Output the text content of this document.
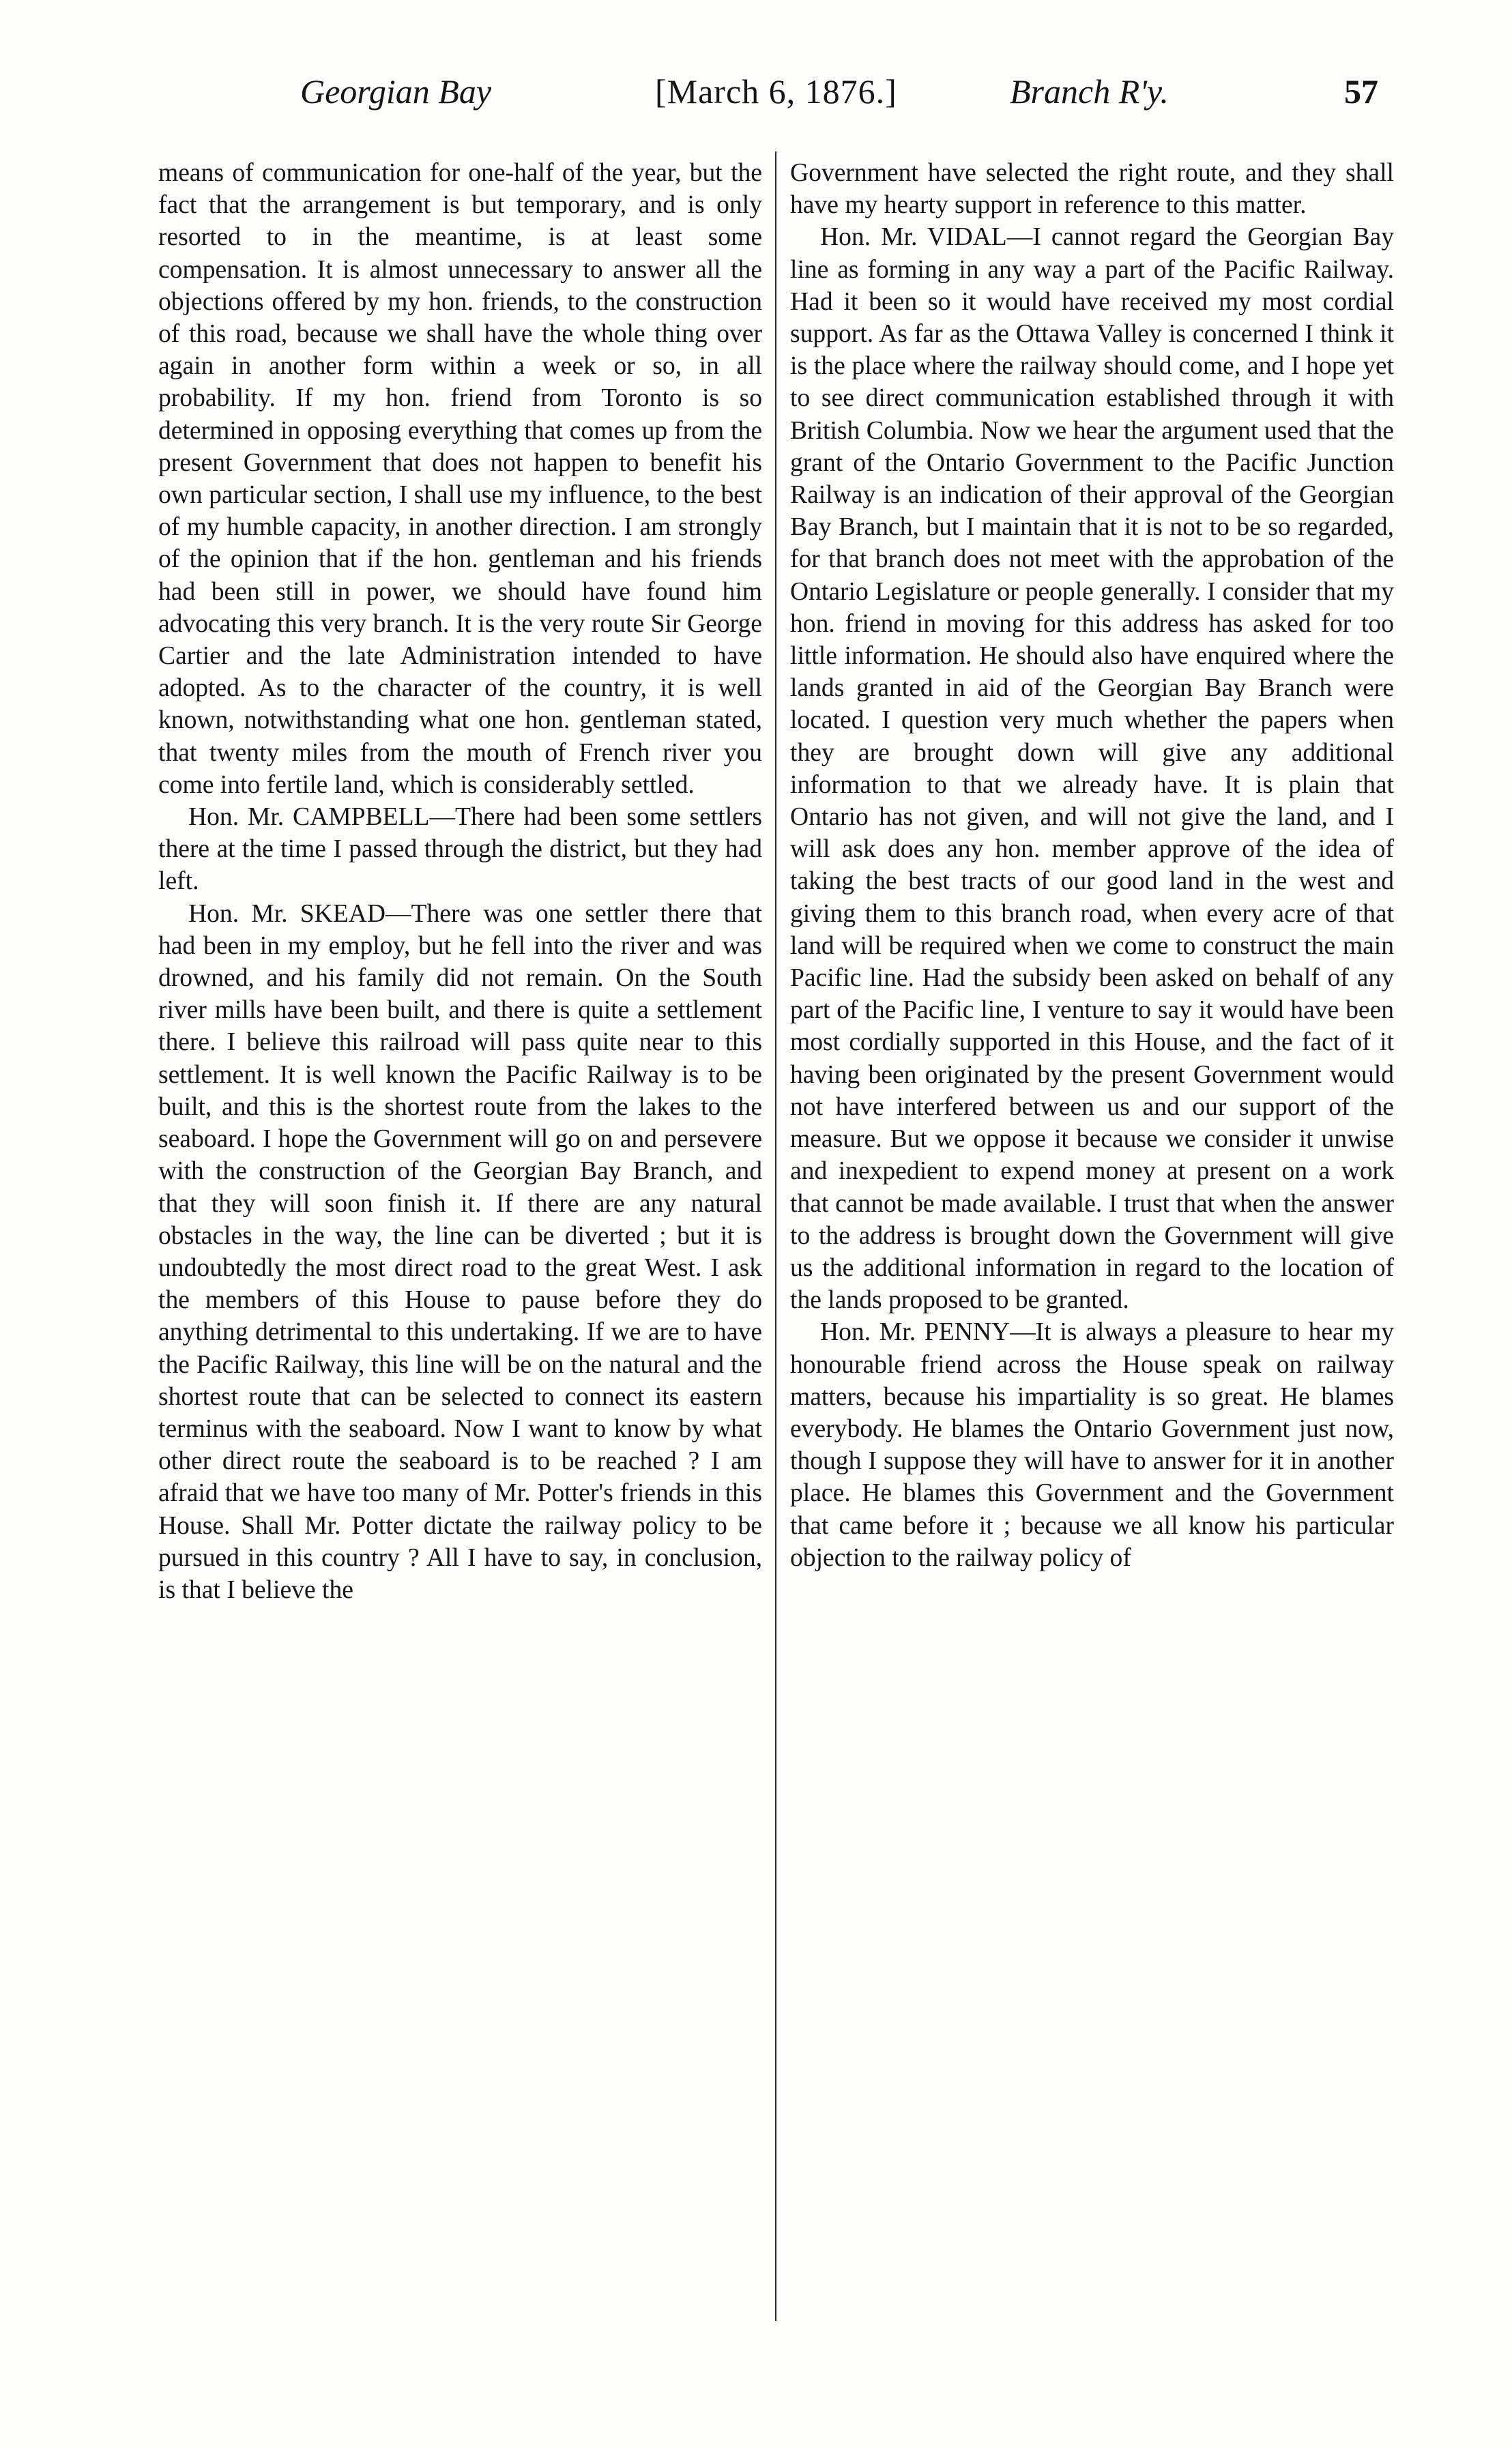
Georgian Bay	[March 6, 1876.]	Branch R'y.	57

means of communication for one-half of the year, but the fact that the arrangement is but temporary, and is only resorted to in the meantime, is at least some compensation. It is almost unnecessary to answer all the objections offered by my hon. friends, to the construction of this road, because we shall have the whole thing over again in another form within a week or so, in all probability. If my hon. friend from Toronto is so determined in opposing everything that comes up from the present Government that does not happen to benefit his own particular section, I shall use my influence, to the best of my humble capacity, in another direction. I am strongly of the opinion that if the hon. gentleman and his friends had been still in power, we should have found him advocating this very branch. It is the very route Sir George Cartier and the late Administration intended to have adopted. As to the character of the country, it is well known, notwithstanding what one hon. gentleman stated, that twenty miles from the mouth of French river you come into fertile land, which is considerably settled.

Hon. Mr. CAMPBELL—There had been some settlers there at the time I passed through the district, but they had left.

Hon. Mr. SKEAD—There was one settler there that had been in my employ, but he fell into the river and was drowned, and his family did not remain. On the South river mills have been built, and there is quite a settlement there. I believe this railroad will pass quite near to this settlement. It is well known the Pacific Railway is to be built, and this is the shortest route from the lakes to the seaboard. I hope the Government will go on and persevere with the construction of the Georgian Bay Branch, and that they will soon finish it. If there are any natural obstacles in the way, the line can be diverted ; but it is undoubtedly the most direct road to the great West. I ask the members of this House to pause before they do anything detrimental to this undertaking. If we are to have the Pacific Railway, this line will be on the natural and the shortest route that can be selected to connect its eastern terminus with the seaboard. Now I want to know by what other direct route the seaboard is to be reached ? I am afraid that we have too many of Mr. Potter's friends in this House. Shall Mr. Potter dictate the railway policy to be pursued in this country ? All I have to say, in conclusion, is that I believe the

Government have selected the right route, and they shall have my hearty support in reference to this matter.

Hon. Mr. VIDAL—I cannot regard the Georgian Bay line as forming in any way a part of the Pacific Railway. Had it been so it would have received my most cordial support. As far as the Ottawa Valley is concerned I think it is the place where the railway should come, and I hope yet to see direct communication established through it with British Columbia. Now we hear the argument used that the grant of the Ontario Government to the Pacific Junction Railway is an indication of their approval of the Georgian Bay Branch, but I maintain that it is not to be so regarded, for that branch does not meet with the approbation of the Ontario Legislature or people generally. I consider that my hon. friend in moving for this address has asked for too little information. He should also have enquired where the lands granted in aid of the Georgian Bay Branch were located. I question very much whether the papers when they are brought down will give any additional information to that we already have. It is plain that Ontario has not given, and will not give the land, and I will ask does any hon. member approve of the idea of taking the best tracts of our good land in the west and giving them to this branch road, when every acre of that land will be required when we come to construct the main Pacific line. Had the subsidy been asked on behalf of any part of the Pacific line, I venture to say it would have been most cordially supported in this House, and the fact of it having been originated by the present Government would not have interfered between us and our support of the measure. But we oppose it because we consider it unwise and inexpedient to expend money at present on a work that cannot be made available. I trust that when the answer to the address is brought down the Government will give us the additional information in regard to the location of the lands proposed to be granted.

Hon. Mr. PENNY—It is always a pleasure to hear my honourable friend across the House speak on railway matters, because his impartiality is so great. He blames everybody. He blames the Ontario Government just now, though I suppose they will have to answer for it in another place. He blames this Government and the Government that came before it ; because we all know his particular objection to the railway policy of
